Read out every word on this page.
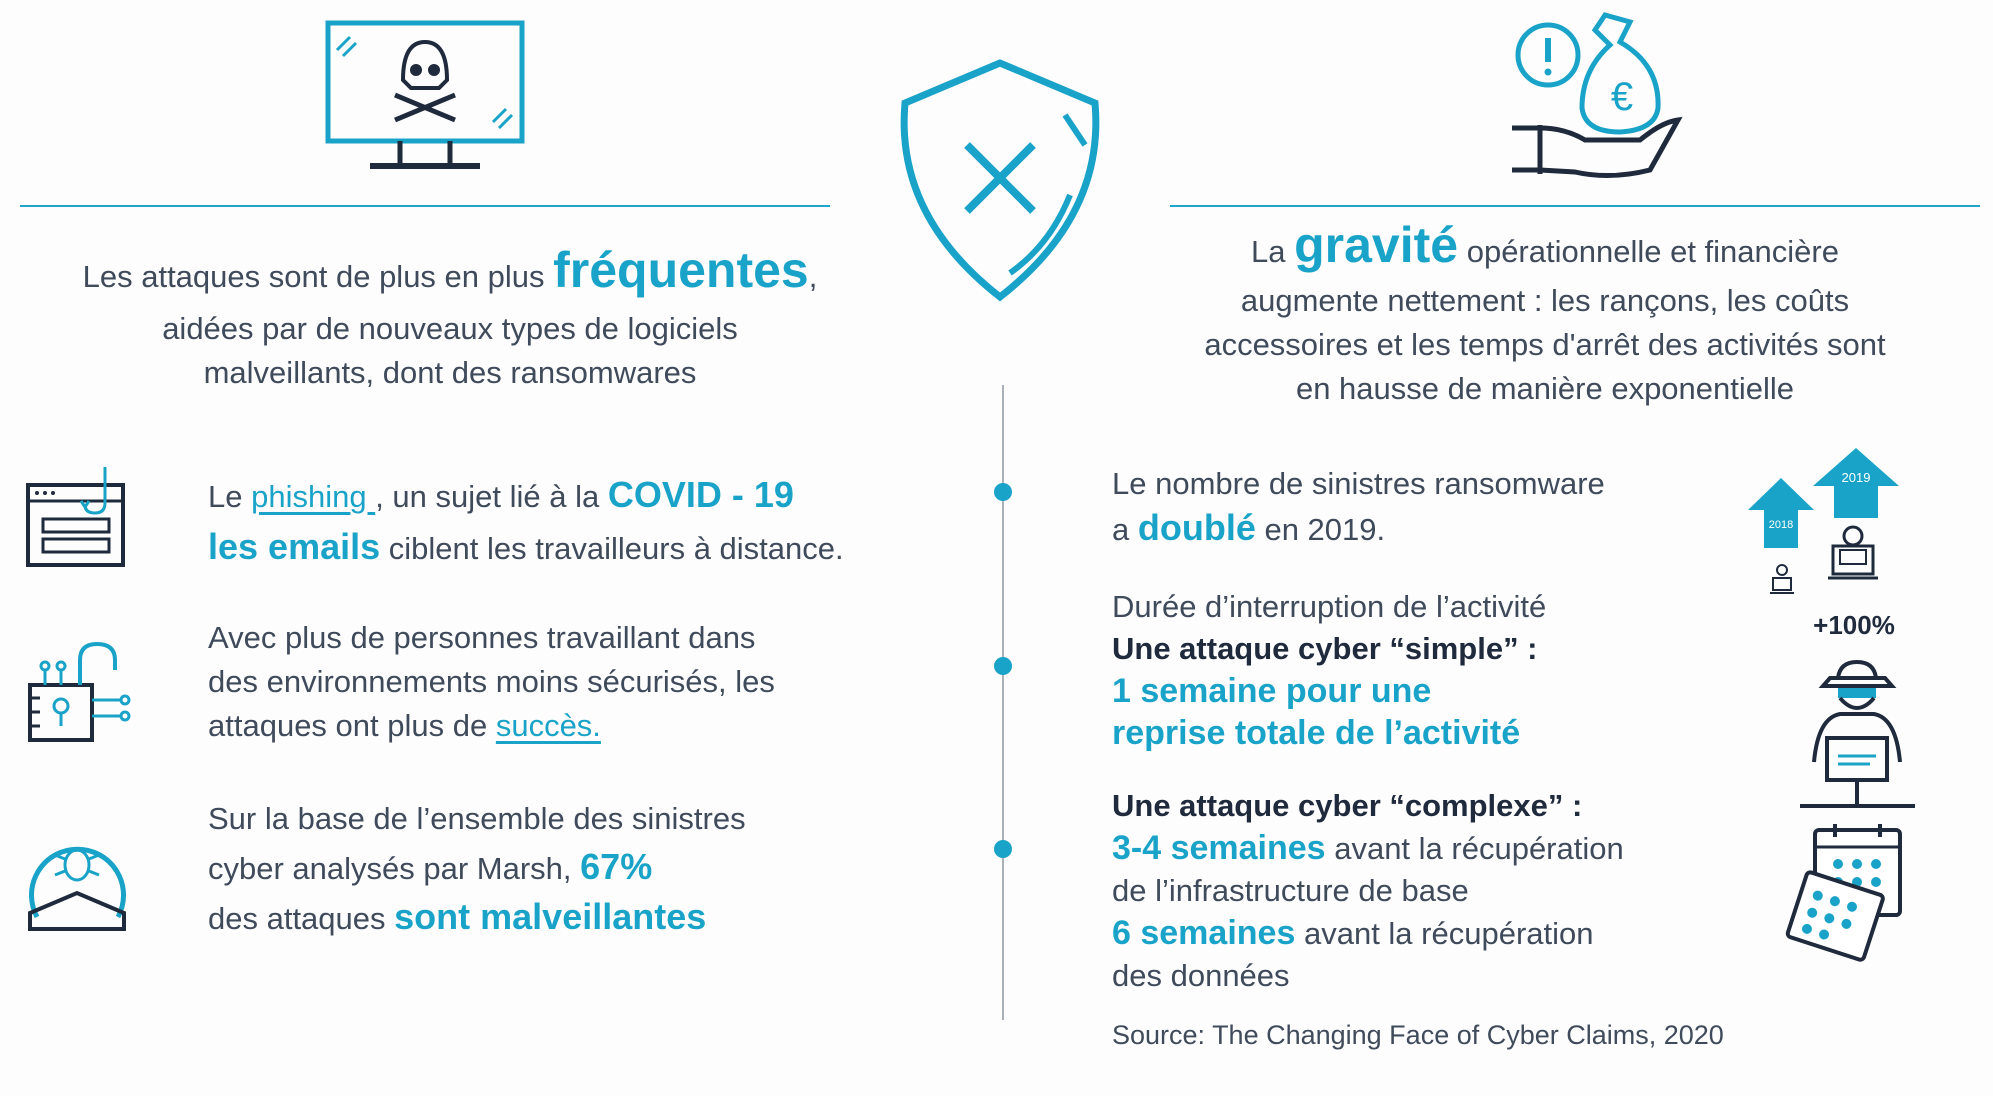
€
Les attaques sont de plus en plus fréquentes,
aidées par de nouveaux types de logiciels
malveillants, dont des ransomwares
La gravité opérationnelle et financière
augmente nettement : les rançons, les coûts
accessoires et les temps d'arrêt des activités sont
en hausse de manière exponentielle
Le phishing , un sujet lié à la COVID - 19
les emails ciblent les travailleurs à distance.
Avec plus de personnes travaillant dans
des environnements moins sécurisés, les
attaques ont plus de succès.
Sur la base de l’ensemble des sinistres
cyber analysés par Marsh, 67%
des attaques sont malveillantes
Le nombre de sinistres ransomware
a doublé en 2019.
Durée d’interruption de l’activité
Une attaque cyber “simple” :
1 semaine pour une
reprise totale de l’activité
Une attaque cyber “complexe” :
3-4 semaines avant la récupération
de l’infrastructure de base
6 semaines avant la récupération
des données
Source: The Changing Face of Cyber Claims, 2020
2018
2019
+100%
